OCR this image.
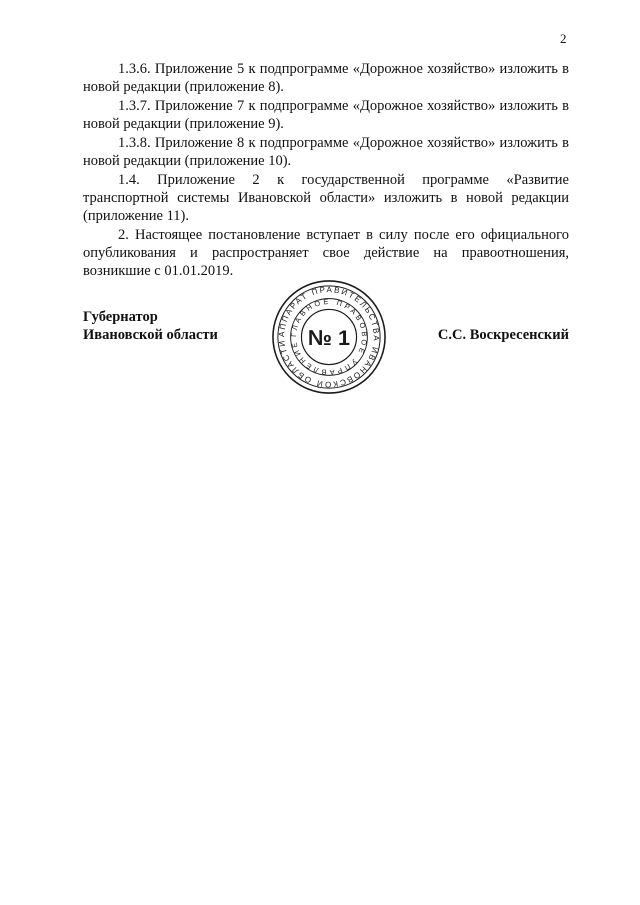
2

1.3.6. Приложение 5 к подпрограмме «Дорожное хозяйство» изложить в новой редакции (приложение 8).

1.3.7. Приложение 7 к подпрограмме «Дорожное хозяйство» изложить в новой редакции (приложение 9).

1.3.8. Приложение 8 к подпрограмме «Дорожное хозяйство» изложить в новой редакции (приложение 10).

1.4. Приложение 2 к государственной программе «Развитие транспортной системы Ивановской области» изложить в новой редакции (приложение 11).

2. Настоящее постановление вступает в силу после его официального опубликования и распространяет свое действие на правоотношения, возникшие с 01.01.2019.

Губернатор
Ивановской области	С.С. Воскресенский
АППАРАТ ПРАВИТЕЛЬСТВА ИВАНОВСКОЙ ОБЛАСТИ
ГЛАВНОЕ ПРАВОВОЕ УПРАВЛЕНИЕ № 1
